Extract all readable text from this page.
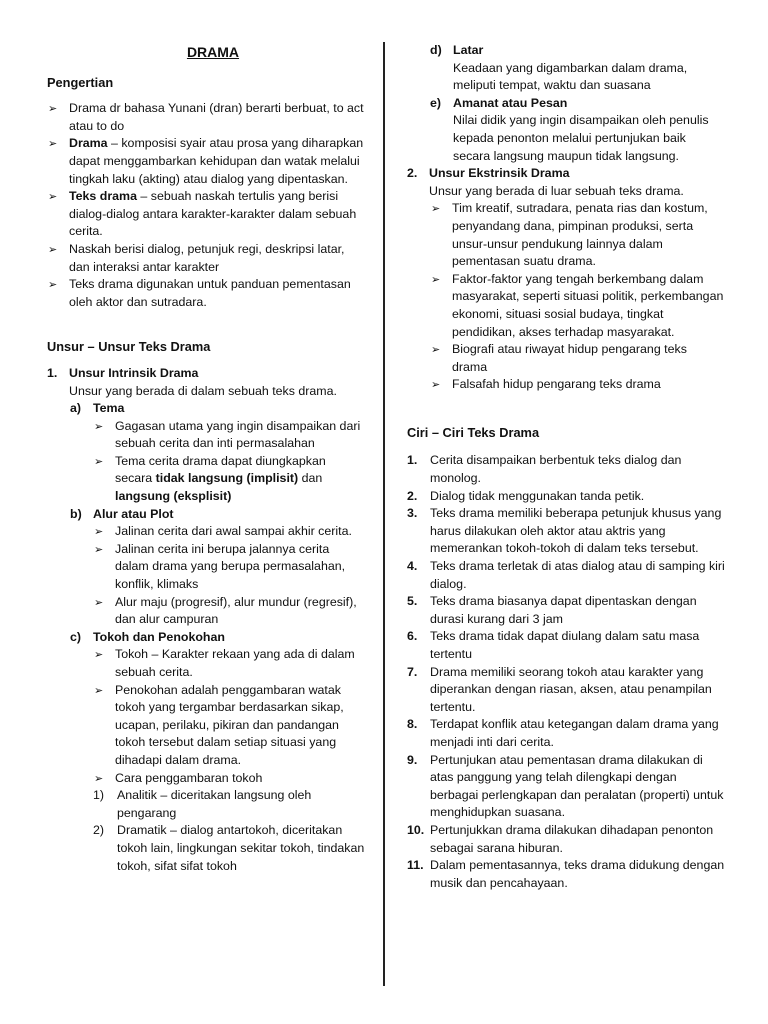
DRAMA
Pengertian
➢ Drama dr bahasa Yunani (dran) berarti berbuat, to act atau to do
➢ Drama – komposisi syair atau prosa yang diharapkan dapat menggambarkan kehidupan dan watak melalui tingkah laku (akting) atau dialog yang dipentaskan.
➢ Teks drama – sebuah naskah tertulis yang berisi dialog-dialog antara karakter-karakter dalam sebuah cerita.
➢ Naskah berisi dialog, petunjuk regi, deskripsi latar, dan interaksi antar karakter
➢ Teks drama digunakan untuk panduan pementasan oleh aktor dan sutradara.
Unsur – Unsur Teks Drama
1. Unsur Intrinsik Drama
Unsur yang berada di dalam sebuah teks drama.
a) Tema
➢ Gagasan utama yang ingin disampaikan dari sebuah cerita dan inti permasalahan
➢ Tema cerita drama dapat diungkapkan secara tidak langsung (implisit) dan langsung (eksplisit)
b) Alur atau Plot
➢ Jalinan cerita dari awal sampai akhir cerita.
➢ Jalinan cerita ini berupa jalannya cerita dalam drama yang berupa permasalahan, konflik, klimaks
➢ Alur maju (progresif), alur mundur (regresif), dan alur campuran
c) Tokoh dan Penokohan
➢ Tokoh – Karakter rekaan yang ada di dalam sebuah cerita.
➢ Penokohan adalah penggambaran watak tokoh yang tergambar berdasarkan sikap, ucapan, perilaku, pikiran dan pandangan tokoh tersebut dalam setiap situasi yang dihadapi dalam drama.
➢ Cara penggambaran tokoh
1) Analitik – diceritakan langsung oleh pengarang
2) Dramatik – dialog antartokoh, diceritakan tokoh lain, lingkungan sekitar tokoh, tindakan tokoh, sifat sifat tokoh
d) Latar
Keadaan yang digambarkan dalam drama, meliputi tempat, waktu dan suasana
e) Amanat atau Pesan
Nilai didik yang ingin disampaikan oleh penulis kepada penonton melalui pertunjukan baik secara langsung maupun tidak langsung.
2. Unsur Ekstrinsik Drama
Unsur yang berada di luar sebuah teks drama.
➢ Tim kreatif, sutradara, penata rias dan kostum, penyandang dana, pimpinan produksi, serta unsur-unsur pendukung lainnya dalam pementasan suatu drama.
➢ Faktor-faktor yang tengah berkembang dalam masyarakat, seperti situasi politik, perkembangan ekonomi, situasi sosial budaya, tingkat pendidikan, akses terhadap masyarakat.
➢ Biografi atau riwayat hidup pengarang teks drama
➢ Falsafah hidup pengarang teks drama
Ciri – Ciri Teks Drama
1. Cerita disampaikan berbentuk teks dialog dan monolog.
2. Dialog tidak menggunakan tanda petik.
3. Teks drama memiliki beberapa petunjuk khusus yang harus dilakukan oleh aktor atau aktris yang memerankan tokoh-tokoh di dalam teks tersebut.
4. Teks drama terletak di atas dialog atau di samping kiri dialog.
5. Teks drama biasanya dapat dipentaskan dengan durasi kurang dari 3 jam
6. Teks drama tidak dapat diulang dalam satu masa tertentu
7. Drama memiliki seorang tokoh atau karakter yang diperankan dengan riasan, aksen, atau penampilan tertentu.
8. Terdapat konflik atau ketegangan dalam drama yang menjadi inti dari cerita.
9. Pertunjukan atau pementasan drama dilakukan di atas panggung yang telah dilengkapi dengan berbagai perlengkapan dan peralatan (properti) untuk menghidupkan suasana.
10. Pertunjukkan drama dilakukan dihadapan penonton sebagai sarana hiburan.
11. Dalam pementasannya, teks drama didukung dengan musik dan pencahayaan.
